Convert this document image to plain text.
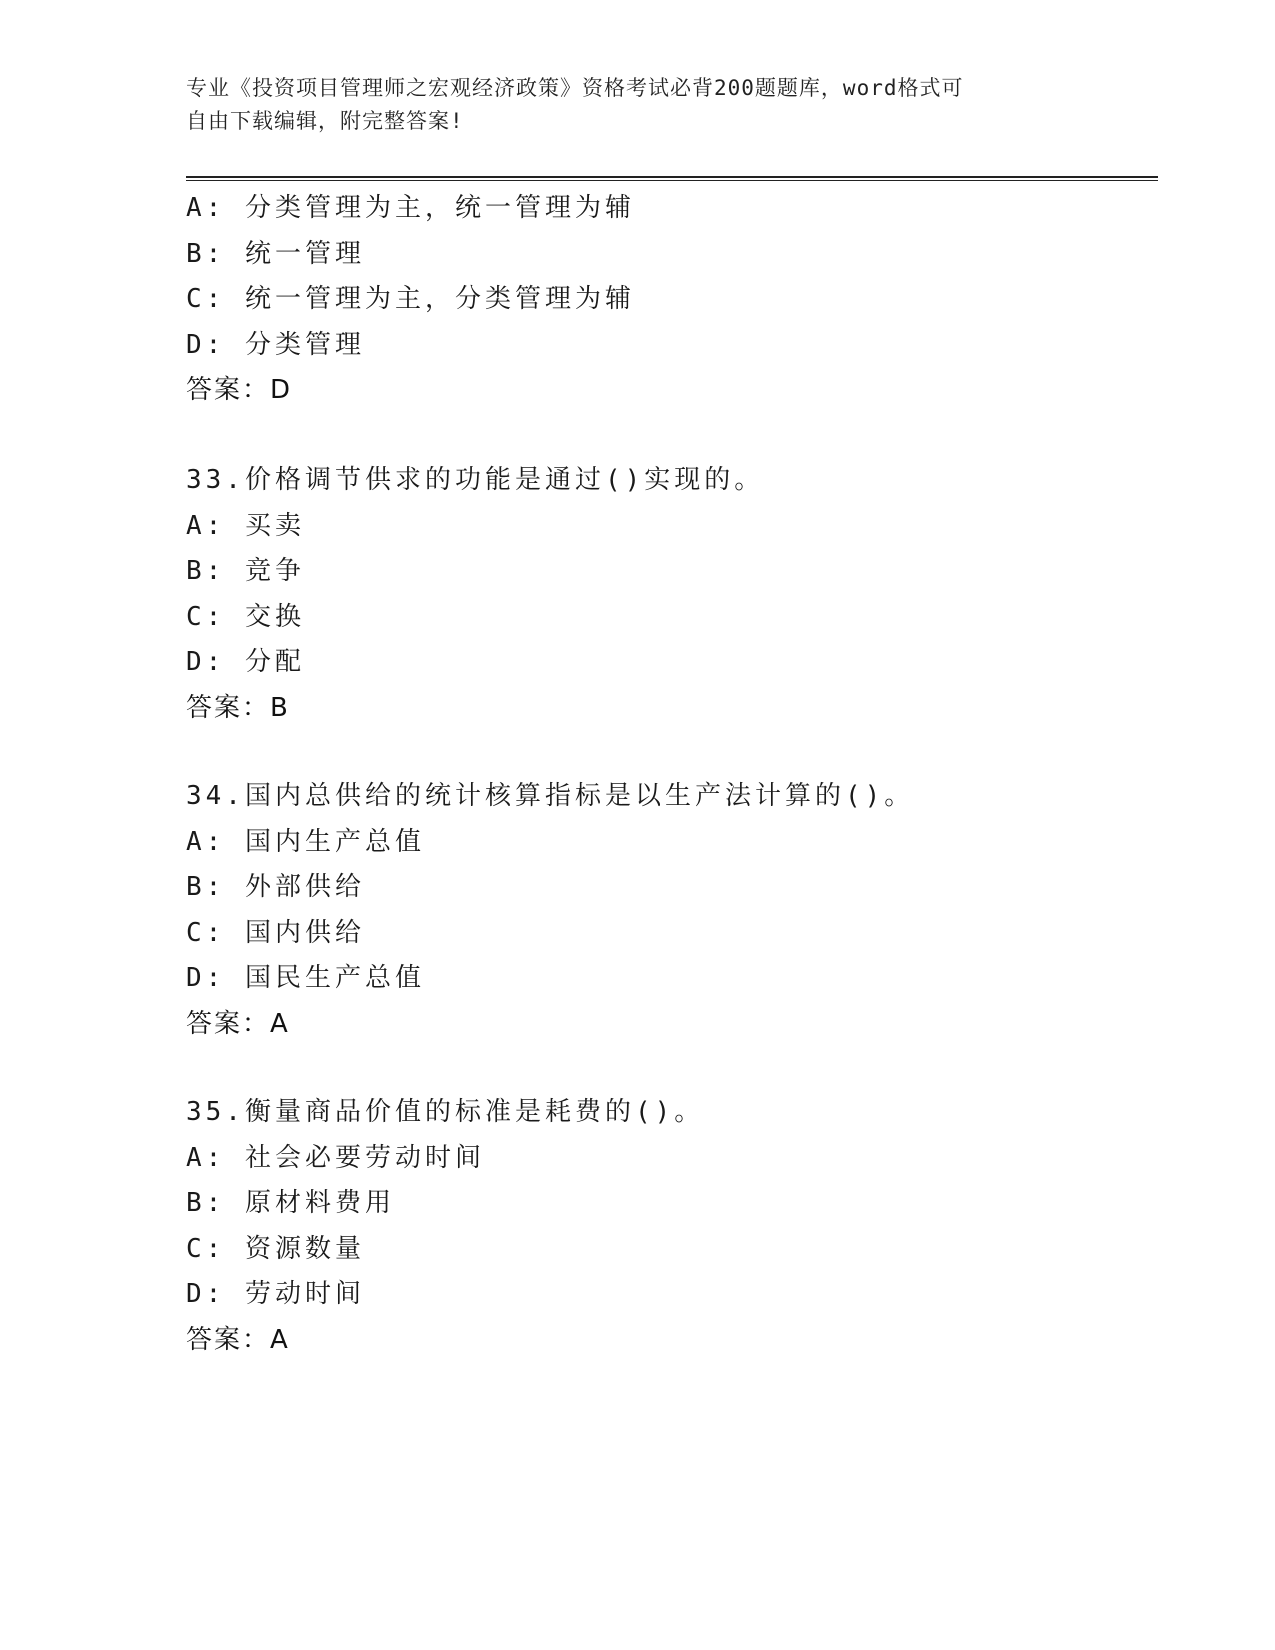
专业《投资项目管理师之宏观经济政策》资格考试必背200题题库，word格式可
自由下载编辑，附完整答案!
A: 分类管理为主，统一管理为辅
B: 统一管理
C: 统一管理为主，分类管理为辅
D: 分类管理
答案：D
33.价格调节供求的功能是通过()实现的。
A: 买卖
B: 竞争
C: 交换
D: 分配
答案：B
34.国内总供给的统计核算指标是以生产法计算的()。
A: 国内生产总值
B: 外部供给
C: 国内供给
D: 国民生产总值
答案：A
35.衡量商品价值的标准是耗费的()。
A: 社会必要劳动时间
B: 原材料费用
C: 资源数量
D: 劳动时间
答案：A
